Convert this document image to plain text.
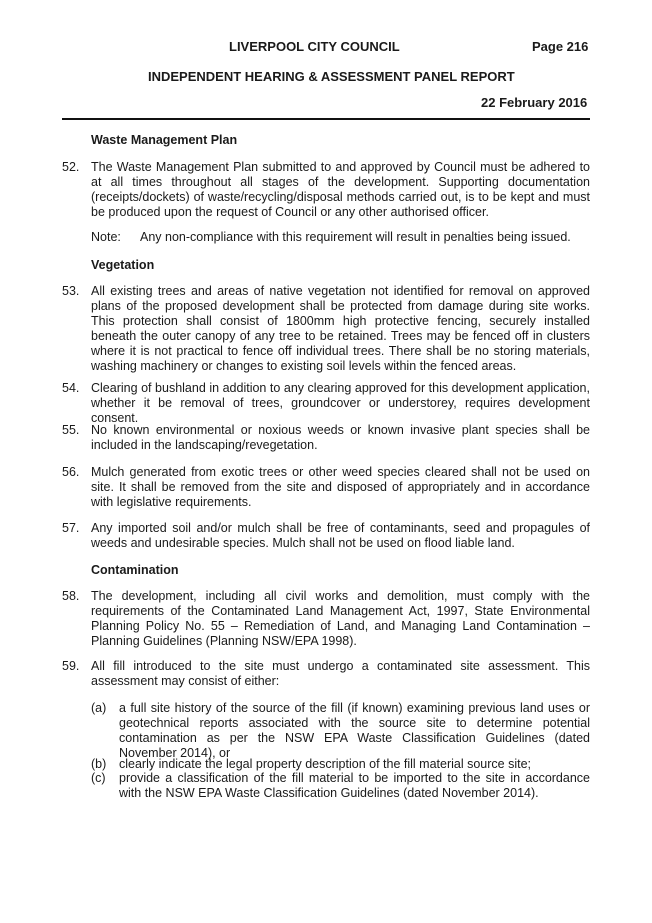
LIVERPOOL CITY COUNCIL	Page 216
INDEPENDENT HEARING & ASSESSMENT PANEL REPORT
22 February 2016
Waste Management Plan
52. The Waste Management Plan submitted to and approved by Council must be adhered to at all times throughout all stages of the development. Supporting documentation (receipts/dockets) of waste/recycling/disposal methods carried out, is to be kept and must be produced upon the request of Council or any other authorised officer.
Note: Any non-compliance with this requirement will result in penalties being issued.
Vegetation
53. All existing trees and areas of native vegetation not identified for removal on approved plans of the proposed development shall be protected from damage during site works. This protection shall consist of 1800mm high protective fencing, securely installed beneath the outer canopy of any tree to be retained. Trees may be fenced off in clusters where it is not practical to fence off individual trees. There shall be no storing materials, washing machinery or changes to existing soil levels within the fenced areas.
54. Clearing of bushland in addition to any clearing approved for this development application, whether it be removal of trees, groundcover or understorey, requires development consent.
55. No known environmental or noxious weeds or known invasive plant species shall be included in the landscaping/revegetation.
56. Mulch generated from exotic trees or other weed species cleared shall not be used on site. It shall be removed from the site and disposed of appropriately and in accordance with legislative requirements.
57. Any imported soil and/or mulch shall be free of contaminants, seed and propagules of weeds and undesirable species. Mulch shall not be used on flood liable land.
Contamination
58. The development, including all civil works and demolition, must comply with the requirements of the Contaminated Land Management Act, 1997, State Environmental Planning Policy No. 55 – Remediation of Land, and Managing Land Contamination – Planning Guidelines (Planning NSW/EPA 1998).
59. All fill introduced to the site must undergo a contaminated site assessment. This assessment may consist of either:
(a) a full site history of the source of the fill (if known) examining previous land uses or geotechnical reports associated with the source site to determine potential contamination as per the NSW EPA Waste Classification Guidelines (dated November 2014), or
(b) clearly indicate the legal property description of the fill material source site;
(c) provide a classification of the fill material to be imported to the site in accordance with the NSW EPA Waste Classification Guidelines (dated November 2014).
